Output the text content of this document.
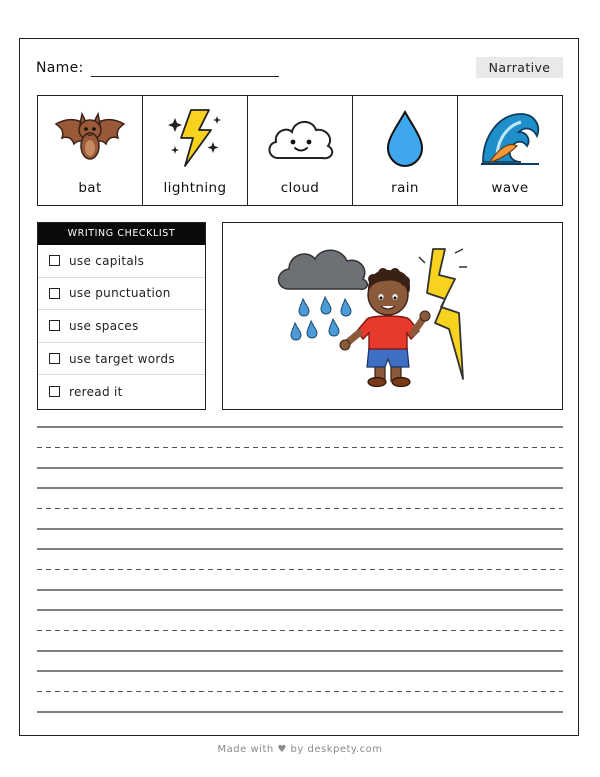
Name:	Narrative
bat	lightning	cloud	rain	wave
WRITING CHECKLIST
use capitals
use punctuation
use spaces
use target words
reread it
Made with ♥ by deskpety.com
